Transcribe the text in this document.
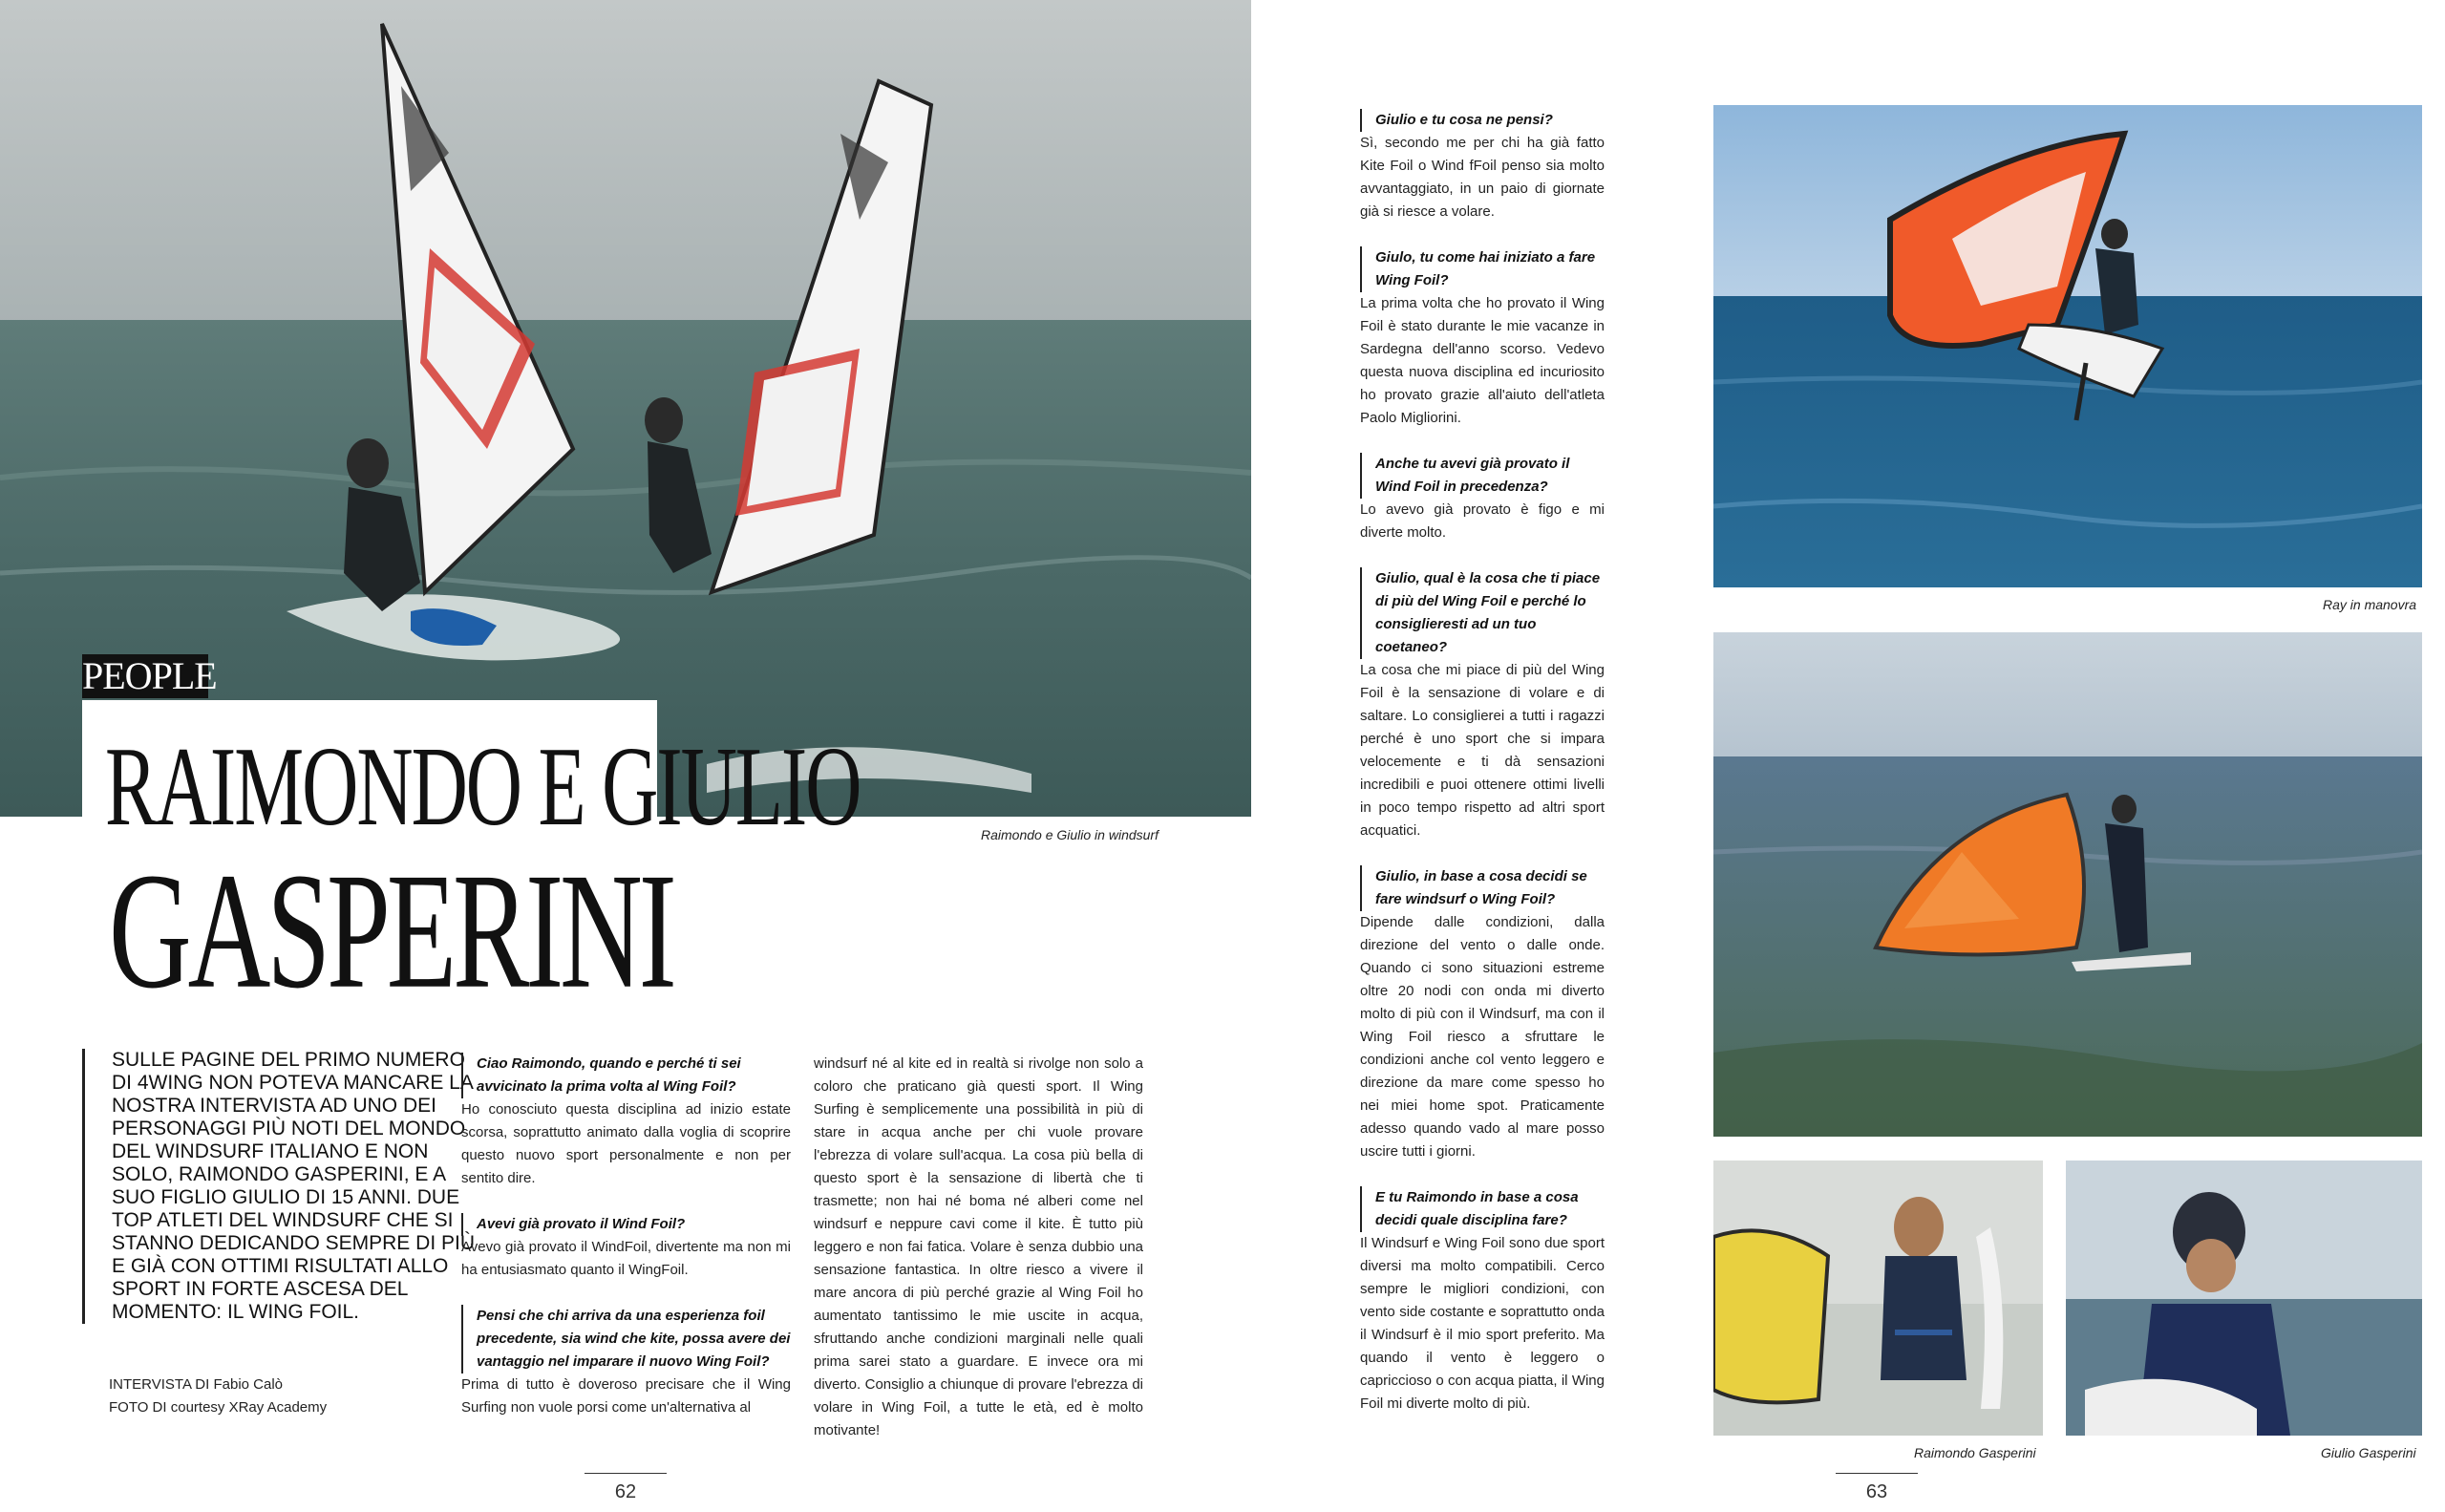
PEOPLE
RAIMONDO E GIULIO
GASPERINI
Raimondo e Giulio in windsurf
SULLE PAGINE DEL PRIMO NUMERO DI 4WING NON POTEVA MANCARE LA NOSTRA INTERVISTA AD UNO DEI PERSONAGGI PIÙ NOTI DEL MONDO DEL WINDSURF ITALIANO E NON SOLO, RAIMONDO GASPERINI, E A SUO FIGLIO GIULIO DI 15 ANNI. DUE TOP ATLETI DEL WINDSURF CHE SI STANNO DEDICANDO SEMPRE DI PIÙ E GIÀ CON OTTIMI RISULTATI ALLO SPORT IN FORTE ASCESA DEL MOMENTO: IL WING FOIL.
INTERVISTA DI Fabio Calò
FOTO DI courtesy XRay Academy
Ciao Raimondo, quando e perché ti sei avvicinato la prima volta al Wing Foil?
Ho conosciuto questa disciplina ad inizio estate scorsa, soprattutto animato dalla voglia di scoprire questo nuovo sport personalmente e non per sentito dire.
Avevi già provato il Wind Foil?
Avevo già provato il WindFoil, divertente ma non mi ha entusiasmato quanto il WingFoil.
Pensi che chi arriva da una esperienza foil precedente, sia wind che kite, possa avere dei vantaggio nel imparare il nuovo Wing Foil?
Prima di tutto è doveroso precisare che il Wing Surfing non vuole porsi come un'alternativa al
windsurf né al kite ed in realtà si rivolge non solo a coloro che praticano già questi sport. Il Wing Surfing è semplicemente una possibilità in più di stare in acqua anche per chi vuole provare l'ebrezza di volare sull'acqua. La cosa più bella di questo sport è la sensazione di libertà che ti trasmette; non hai né boma né alberi come nel windsurf e neppure cavi come il kite. È tutto più leggero e non fai fatica. Volare è senza dubbio una sensazione fantastica. In oltre riesco a vivere il mare ancora di più perché grazie al Wing Foil ho aumentato tantissimo le mie uscite in acqua, sfruttando anche condizioni marginali nelle quali prima sarei stato a guardare. E invece ora mi diverto. Consiglio a chiunque di provare l'ebrezza di volare in Wing Foil, a tutte le età, ed è molto motivante!
62
Giulio e tu cosa ne pensi?
Sì, secondo me per chi ha già fatto Kite Foil o Wind fFoil penso sia molto avvantaggiato, in un paio di giornate già si riesce a volare.
Giulo, tu come hai iniziato a fare Wing Foil?
La prima volta che ho provato il Wing Foil è stato durante le mie vacanze in Sardegna dell'anno scorso. Vedevo questa nuova disciplina ed incuriosito ho provato grazie all'aiuto dell'atleta Paolo Migliorini.
Anche tu avevi già provato il Wind Foil in precedenza?
Lo avevo già provato è figo e mi diverte molto.
Giulio, qual è la cosa che ti piace di più del Wing Foil e perché lo consiglieresti ad un tuo coetaneo?
La cosa che mi piace di più del Wing Foil è la sensazione di volare e di saltare. Lo consiglierei a tutti i ragazzi perché è uno sport che si impara velocemente e ti dà sensazioni incredibili e puoi ottenere ottimi livelli in poco tempo rispetto ad altri sport acquatici.
Giulio, in base a cosa decidi se fare windsurf o Wing Foil?
Dipende dalle condizioni, dalla direzione del vento o dalle onde. Quando ci sono situazioni estreme oltre 20 nodi con onda mi diverto molto di più con il Windsurf, ma con il Wing Foil riesco a sfruttare le condizioni anche col vento leggero e direzione da mare come spesso ho nei miei home spot. Praticamente adesso quando vado al mare posso uscire tutti i giorni.
E tu Raimondo in base a cosa decidi quale disciplina fare?
Il Windsurf e Wing Foil sono due sport diversi ma molto compatibili. Cerco sempre le migliori condizioni, con vento side costante e soprattutto onda il Windsurf è il mio sport preferito. Ma quando il vento è leggero o capriccioso o con acqua piatta, il Wing Foil mi diverte molto di più.
Ray in manovra
Raimondo Gasperini	Giulio Gasperini
63
